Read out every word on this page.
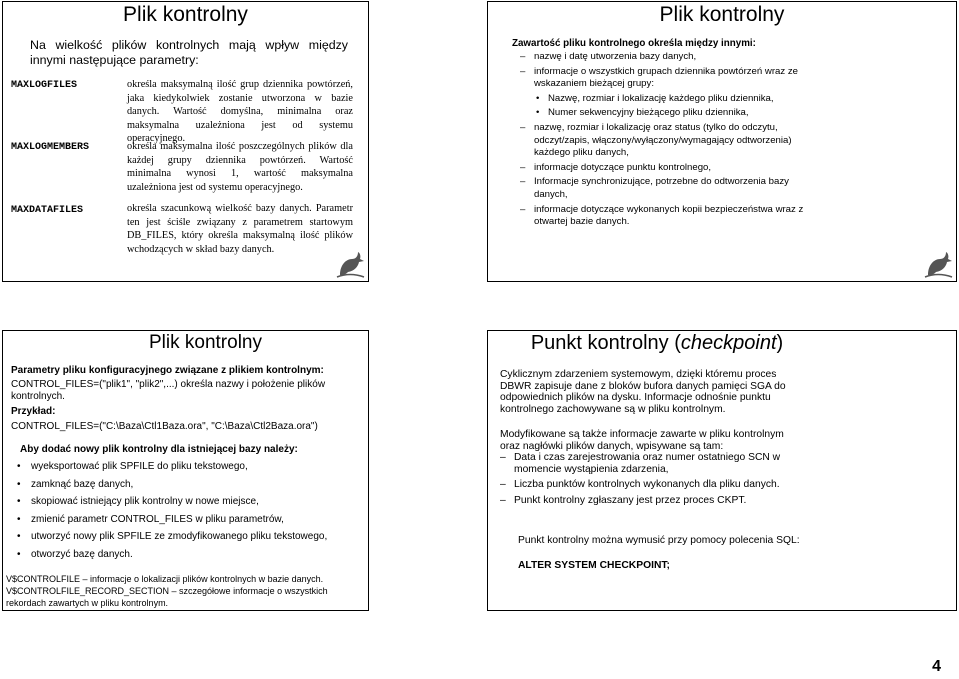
Plik kontrolny
Na wielkość plików kontrolnych mają wpływ między innymi następujące parametry:
MAXLOGFILES	określa maksymalną ilość grup dziennika powtórzeń, jaka kiedykolwiek zostanie utworzona w bazie danych. Wartość domyślna, minimalna oraz maksymalna uzależniona jest od systemu operacyjnego.
MAXLOGMEMBERS	określa maksymalna ilość poszczególnych plików dla każdej grupy dziennika powtórzeń. Wartość minimalna wynosi 1, wartość maksymalna uzależniona jest od systemu operacyjnego.
MAXDATAFILES	określa szacunkową wielkość bazy danych. Parametr ten jest ściśle związany z parametrem startowym DB_FILES, który określa maksymalną ilość plików wchodzących w skład bazy danych.
Plik kontrolny
Zawartość pliku kontrolnego określa między innymi:
– nazwę i datę utworzenia bazy danych,
– informacje o wszystkich grupach dziennika powtórzeń wraz ze wskazaniem bieżącej grupy:
• Nazwę, rozmiar i lokalizację każdego pliku dziennika,
• Numer sekwencyjny bieżącego pliku dziennika,
– nazwę, rozmiar i lokalizację oraz status (tylko do odczytu, odczyt/zapis, włączony/wyłączony/wymagający odtworzenia) każdego pliku danych,
– informacje dotyczące punktu kontrolnego,
– Informacje synchronizujące, potrzebne do odtworzenia bazy danych,
– informacje dotyczące wykonanych kopii bezpieczeństwa wraz z otwartej bazie danych.
Plik kontrolny
Parametry pliku konfiguracyjnego związane z plikiem kontrolnym:
CONTROL_FILES=("plik1", "plik2",...) określa nazwy i położenie plików kontrolnych.
Przykład:
CONTROL_FILES=("C:\Baza\Ctl1Baza.ora", "C:\Baza\Ctl2Baza.ora")
Aby dodać nowy plik kontrolny dla istniejącej bazy należy:
• wyeksportować plik SPFILE do pliku tekstowego,
• zamknąć bazę danych,
• skopiować istniejący plik kontrolny w nowe miejsce,
• zmienić parametr CONTROL_FILES w pliku parametrów,
• utworzyć nowy plik SPFILE ze zmodyfikowanego pliku tekstowego,
• otworzyć bazę danych.
V$CONTROLFILE – informacje o lokalizacji plików kontrolnych w bazie danych.
V$CONTROLFILE_RECORD_SECTION – szczegółowe informacje o wszystkich rekordach zawartych w pliku kontrolnym.
Punkt kontrolny (checkpoint)
Cyklicznym zdarzeniem systemowym, dzięki któremu proces DBWR zapisuje dane z bloków bufora danych pamięci SGA do odpowiednich plików na dysku. Informacje odnośnie punktu kontrolnego zachowywane są w pliku kontrolnym.
Modyfikowane są także informacje zawarte w pliku kontrolnym oraz nagłówki plików danych, wpisywane są tam:
– Data i czas zarejestrowania oraz numer ostatniego SCN w momencie wystąpienia zdarzenia,
– Liczba punktów kontrolnych wykonanych dla pliku danych.
– Punkt kontrolny zgłaszany jest przez proces CKPT.
Punkt kontrolny można wymusić przy pomocy polecenia SQL:
ALTER SYSTEM CHECKPOINT;
4
